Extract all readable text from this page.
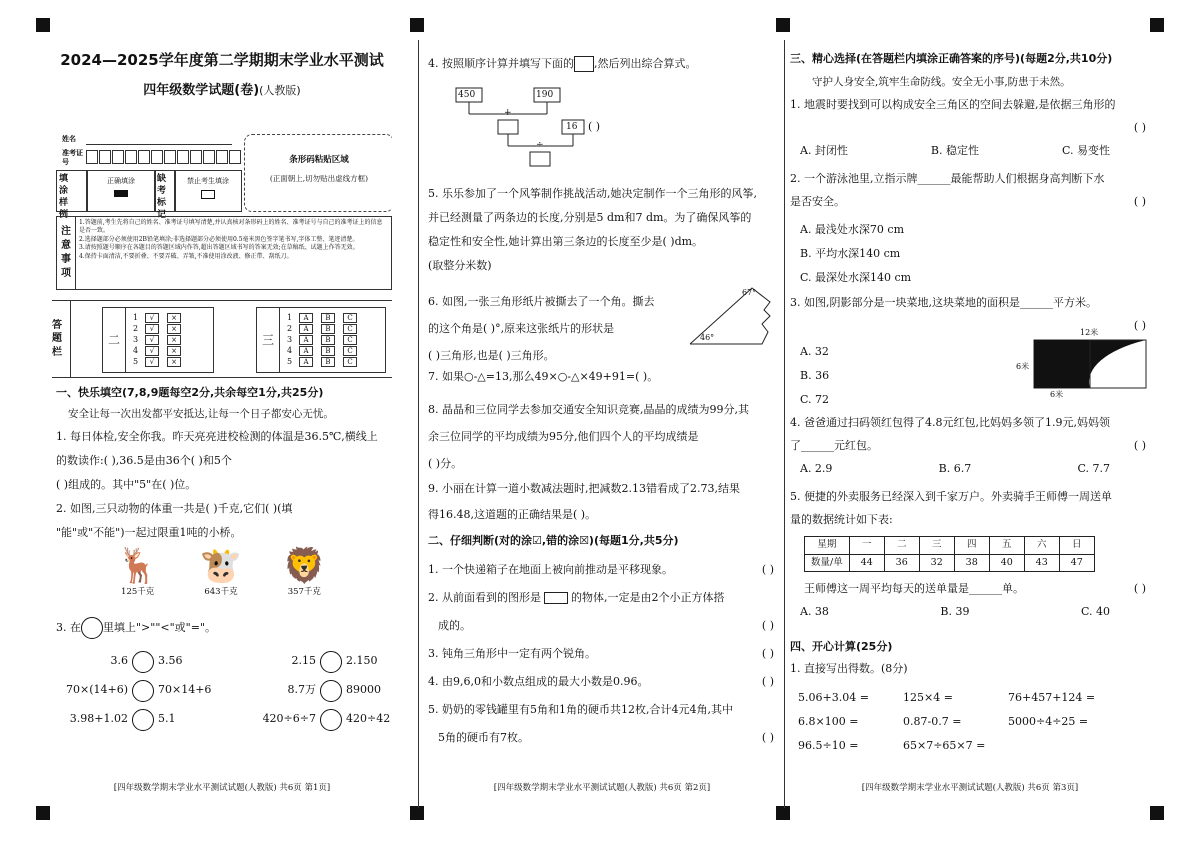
2024—2025学年度第二学期期末学业水平测试
四年级数学试题(卷)(人教版)
姓名
准考证号
填涂样例
正确填涂	缺考标记
禁止考生填涂
条形码粘贴区域
(正面朝上,切勿贴出虚线方框)
注意事项
1.答题前,考生先将自己的姓名、准考证号填写清楚,并认真核对条形码上的姓名、准考证号与自己的准考证上的信息是否一致。
2.选择题部分必须使用2B铅笔填涂;非选择题部分必须使用0.5毫米黑色签字笔书写,字体工整、笔迹清楚。
3.请按照题号顺序在各题目的答题区域内作答,超出答题区域书写的答案无效;在草稿纸、试题上作答无效。
4.保持卡面清洁,不要折叠、不要弄破、弄皱,不准使用涂改液、修正带、刮纸刀。
答题栏
二
1 √ ×
2 √ ×
3 √ ×
4 √ ×
5 √ ×
三
1 A B C
2 A B C
3 A B C
4 A B C
5 A B C
一、快乐填空(7,8,9题每空2分,共余每空1分,共25分)
安全让每一次出发都平安抵达,让每一个日子都安心无忧。
1. 每日体检,安全你我。昨天亮亮进校检测的体温是36.5℃,横线上
的数读作:( ),36.5是由36个( )和5个
( )组成的。其中"5"在( )位。
2. 如图,三只动物的体重一共是( )千克,它们( )(填
"能"或"不能")一起过限重1吨的小桥。
🦌
125千克
🐮
643千克
🦁
357千克
3. 在 里填上">""<"或"="。
3.6	3.56	2.15	2.150
70×(14+6)	70×14+6	8.7万	89000
3.98+1.02	5.1	420÷6÷7	420÷42
[四年级数学期末学业水平测试试题(人教版) 共6页 第1页]
4. 按照顺序计算并填写下面的 ,然后列出综合算式。
450	190
16
+
÷
( )
5. 乐乐参加了一个风筝制作挑战活动,她决定制作一个三角形的风筝,
并已经测量了两条边的长度,分别是5 dm和7 dm。为了确保风筝的
稳定性和安全性,她计算出第三条边的长度至少是( )dm。
(取整分米数)
6. 如图,一张三角形纸片被撕去了一个角。撕去
的这个角是( )°,原来这张纸片的形状是
( )三角形,也是( )三角形。
67°
46°
7. 如果○-△=13,那么49×○-△×49+91=( )。
8. 晶晶和三位同学去参加交通安全知识竞赛,晶晶的成绩为99分,其
余三位同学的平均成绩为95分,他们四个人的平均成绩是
( )分。
9. 小丽在计算一道小数减法题时,把减数2.13错看成了2.73,结果
得16.48,这道题的正确结果是( )。
二、仔细判断(对的涂☑,错的涂☒)(每题1分,共5分)
1. 一个快递箱子在地面上被向前推动是平移现象。	( )
2. 从前面看到的图形是	的物体,一定是由2个小正方体搭
成的。	( )
3. 钝角三角形中一定有两个锐角。	( )
4. 由9,6,0和小数点组成的最大小数是0.96。	( )
5. 奶奶的零钱罐里有5角和1角的硬币共12枚,合计4元4角,其中
5角的硬币有7枚。	( )
[四年级数学期末学业水平测试试题(人教版) 共6页 第2页]
三、精心选择(在答题栏内填涂正确答案的序号)(每题2分,共10分)
守护人身安全,筑牢生命防线。安全无小事,防患于未然。
1. 地震时要找到可以构成安全三角区的空间去躲避,是依据三角形的
( )
A. 封闭性	B. 稳定性	C. 易变性
2. 一个游泳池里,立指示牌______最能帮助人们根据身高判断下水
是否安全。	( )
A. 最浅处水深70 cm
B. 平均水深140 cm
C. 最深处水深140 cm
3. 如图,阴影部分是一块菜地,这块菜地的面积是______平方米。
( )
A. 32
B. 36
C. 72
12米
6米
6米
4. 爸爸通过扫码领红包得了4.8元红包,比妈妈多领了1.9元,妈妈领
了______元红包。	( )
A. 2.9	B. 6.7	C. 7.7
5. 便捷的外卖服务已经深入到千家万户。外卖骑手王师傅一周送单
量的数据统计如下表:
星期	一	二	三	四	五	六	日
数量/单	44	36	32	38	40	43	47
王师傅这一周平均每天的送单量是______单。	( )
A. 38	B. 39	C. 40
四、开心计算(25分)
1. 直接写出得数。(8分)
5.06+3.04 =	125×4 =	76+457+124 =
6.8×100 =	0.87-0.7 =	5000÷4÷25 =
96.5÷10 =	65×7÷65×7 =
[四年级数学期末学业水平测试试题(人教版) 共6页 第3页]
